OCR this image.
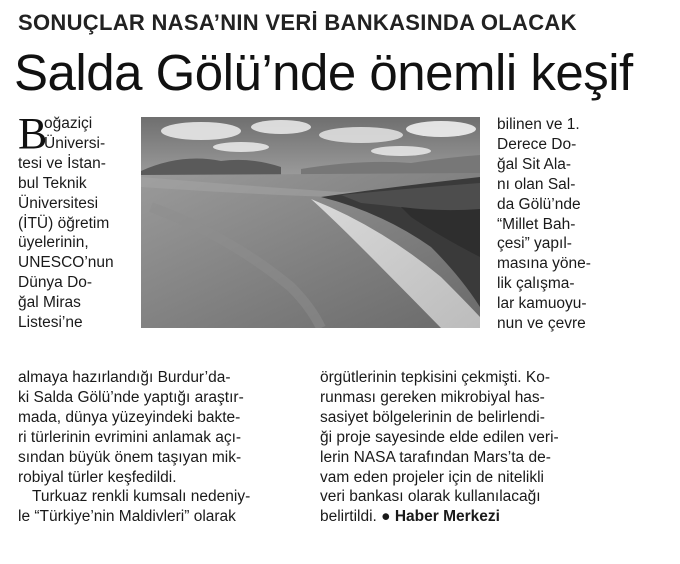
SONUÇLAR NASA’NIN VERİ BANKASINDA OLACAK
Salda Gölü’nde önemli keşif
B
oğaziçi
Üniversi-
tesi ve İstan-
bul Teknik
Üniversitesi
(İTÜ) öğretim
üyelerinin,
UNESCO’nun
Dünya Do-
ğal Miras
Listesi’ne
bilinen ve 1.
Derece Do-
ğal Sit Ala-
nı olan Sal-
da Gölü’nde
“Millet Bah-
çesi” yapıl-
masına yöne-
lik çalışma-
lar kamuoyu-
nun ve çevre
almaya hazırlandığı Burdur’da-
ki Salda Gölü’nde yaptığı araştır-
mada, dünya yüzeyindeki bakte-
ri türlerinin evrimini anlamak açı-
sından büyük önem taşıyan mik-
robiyal türler keşfedildi.
Turkuaz renkli kumsalı nedeniy-
le “Türkiye’nin Maldivleri” olarak
örgütlerinin tepkisini çekmişti. Ko-
runması gereken mikrobiyal has-
sasiyet bölgelerinin de belirlendi-
ği proje sayesinde elde edilen veri-
lerin NASA tarafından Mars’ta de-
vam eden projeler için de nitelikli
veri bankası olarak kullanılacağı
belirtildi. ● Haber Merkezi
